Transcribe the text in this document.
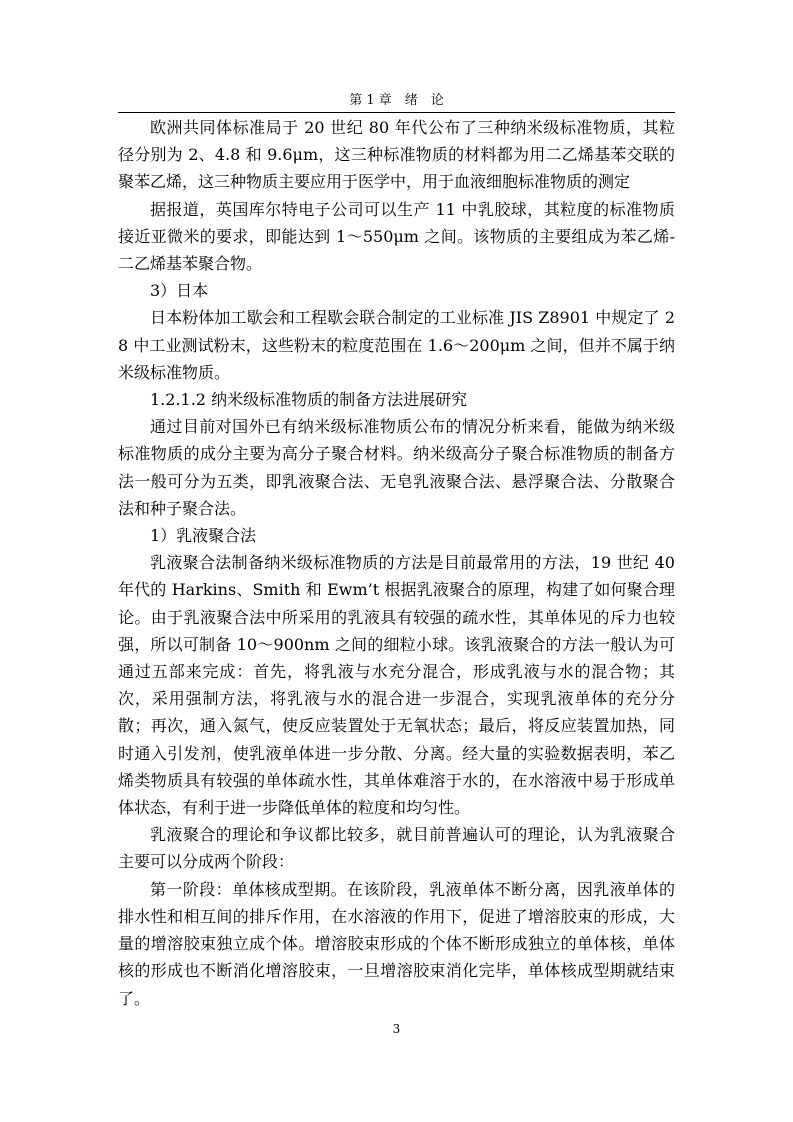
第 1 章　绪　论

欧洲共同体标准局于 20 世纪 80 年代公布了三种纳米级标准物质，其粒径分别为 2、4.8 和 9.6μm，这三种标准物质的材料都为用二乙烯基苯交联的聚苯乙烯，这三种物质主要应用于医学中，用于血液细胞标准物质的测定

据报道，英国库尔特电子公司可以生产 11 中乳胶球，其粒度的标准物质接近亚微米的要求，即能达到 1～550μm 之间。该物质的主要组成为苯乙烯-二乙烯基苯聚合物。

3）日本

日本粉体加工歇会和工程歇会联合制定的工业标准 JIS Z8901 中规定了 28 中工业测试粉末，这些粉末的粒度范围在 1.6～200μm 之间，但并不属于纳米级标准物质。

1.2.1.2 纳米级标准物质的制备方法进展研究

通过目前对国外已有纳米级标准物质公布的情况分析来看，能做为纳米级标准物质的成分主要为高分子聚合材料。纳米级高分子聚合标准物质的制备方法一般可分为五类，即乳液聚合法、无皂乳液聚合法、悬浮聚合法、分散聚合法和种子聚合法。

1）乳液聚合法

乳液聚合法制备纳米级标准物质的方法是目前最常用的方法，19 世纪 40 年代的 Harkins、Smith 和 Ewm’t 根据乳液聚合的原理，构建了如何聚合理论。由于乳液聚合法中所采用的乳液具有较强的疏水性，其单体见的斥力也较强，所以可制备 10～900nm 之间的细粒小球。该乳液聚合的方法一般认为可通过五部来完成：首先，将乳液与水充分混合，形成乳液与水的混合物；其次，采用强制方法，将乳液与水的混合进一步混合，实现乳液单体的充分分散；再次，通入氮气，使反应装置处于无氧状态；最后，将反应装置加热，同时通入引发剂，使乳液单体进一步分散、分离。经大量的实验数据表明，苯乙烯类物质具有较强的单体疏水性，其单体难溶于水的，在水溶液中易于形成单体状态，有利于进一步降低单体的粒度和均匀性。

乳液聚合的理论和争议都比较多，就目前普遍认可的理论，认为乳液聚合主要可以分成两个阶段：

第一阶段：单体核成型期。在该阶段，乳液单体不断分离，因乳液单体的排水性和相互间的排斥作用，在水溶液的作用下，促进了增溶胶束的形成，大量的增溶胶束独立成个体。增溶胶束形成的个体不断形成独立的单体核，单体核的形成也不断消化增溶胶束，一旦增溶胶束消化完毕，单体核成型期就结束了。

3
